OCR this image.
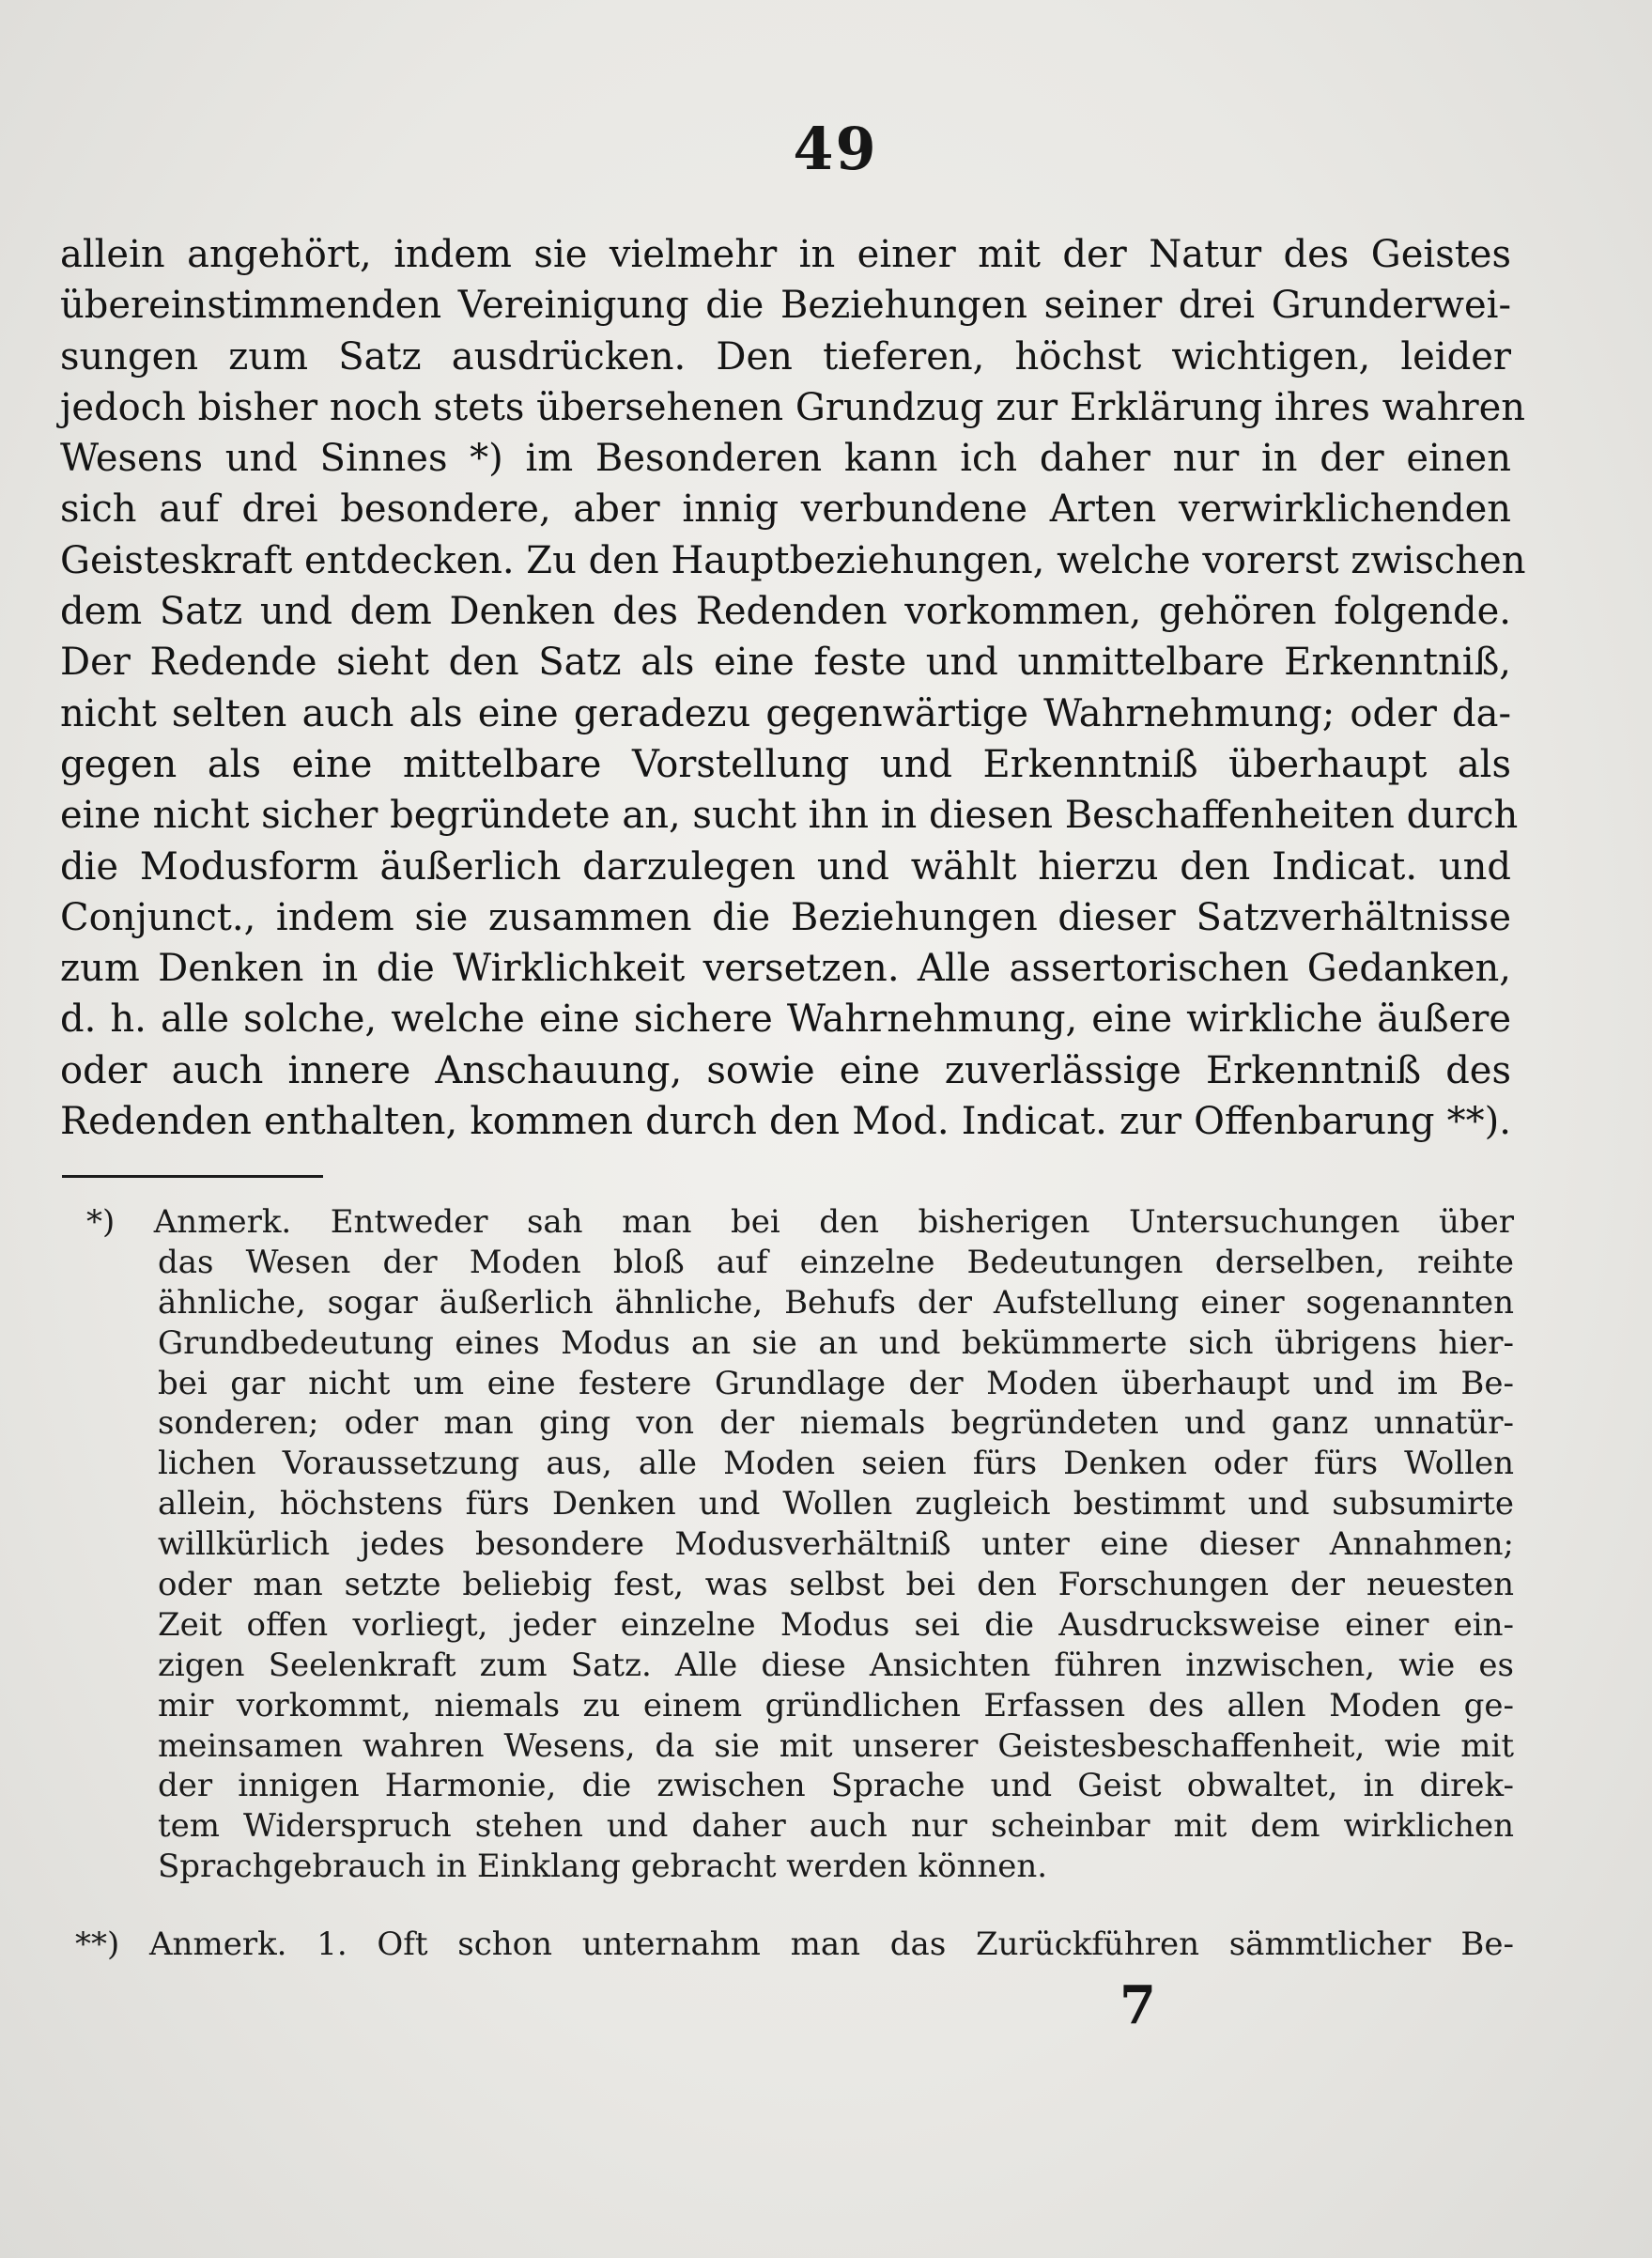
49
allein angehört, indem sie vielmehr in einer mit der Natur des Geistes
übereinstimmenden Vereinigung die Beziehungen seiner drei Grunderwei-
sungen zum Satz ausdrücken. Den tieferen, höchst wichtigen, leider
jedoch bisher noch stets übersehenen Grundzug zur Erklärung ihres wahren
Wesens und Sinnes *) im Besonderen kann ich daher nur in der einen
sich auf drei besondere, aber innig verbundene Arten verwirklichenden
Geisteskraft entdecken. Zu den Hauptbeziehungen, welche vorerst zwischen
dem Satz und dem Denken des Redenden vorkommen, gehören folgende.
Der Redende sieht den Satz als eine feste und unmittelbare Erkenntniß,
nicht selten auch als eine geradezu gegenwärtige Wahrnehmung; oder da-
gegen als eine mittelbare Vorstellung und Erkenntniß überhaupt als
eine nicht sicher begründete an, sucht ihn in diesen Beschaffenheiten durch
die Modusform äußerlich darzulegen und wählt hierzu den Indicat. und
Conjunct., indem sie zusammen die Beziehungen dieser Satzverhältnisse
zum Denken in die Wirklichkeit versetzen. Alle assertorischen Gedanken,
d. h. alle solche, welche eine sichere Wahrnehmung, eine wirkliche äußere
oder auch innere Anschauung, sowie eine zuverlässige Erkenntniß des
Redenden enthalten, kommen durch den Mod. Indicat. zur Offenbarung **).
*) Anmerk. Entweder sah man bei den bisherigen Untersuchungen über
das Wesen der Moden bloß auf einzelne Bedeutungen derselben, reihte
ähnliche, sogar äußerlich ähnliche, Behufs der Aufstellung einer sogenannten
Grundbedeutung eines Modus an sie an und bekümmerte sich übrigens hier-
bei gar nicht um eine festere Grundlage der Moden überhaupt und im Be-
sonderen; oder man ging von der niemals begründeten und ganz unnatür-
lichen Voraussetzung aus, alle Moden seien fürs Denken oder fürs Wollen
allein, höchstens fürs Denken und Wollen zugleich bestimmt und subsumirte
willkürlich jedes besondere Modusverhältniß unter eine dieser Annahmen;
oder man setzte beliebig fest, was selbst bei den Forschungen der neuesten
Zeit offen vorliegt, jeder einzelne Modus sei die Ausdrucksweise einer ein-
zigen Seelenkraft zum Satz. Alle diese Ansichten führen inzwischen, wie es
mir vorkommt, niemals zu einem gründlichen Erfassen des allen Moden ge-
meinsamen wahren Wesens, da sie mit unserer Geistesbeschaffenheit, wie mit
der innigen Harmonie, die zwischen Sprache und Geist obwaltet, in direk-
tem Widerspruch stehen und daher auch nur scheinbar mit dem wirklichen
Sprachgebrauch in Einklang gebracht werden können.
**) Anmerk. 1. Oft schon unternahm man das Zurückführen sämmtlicher Be-
7
